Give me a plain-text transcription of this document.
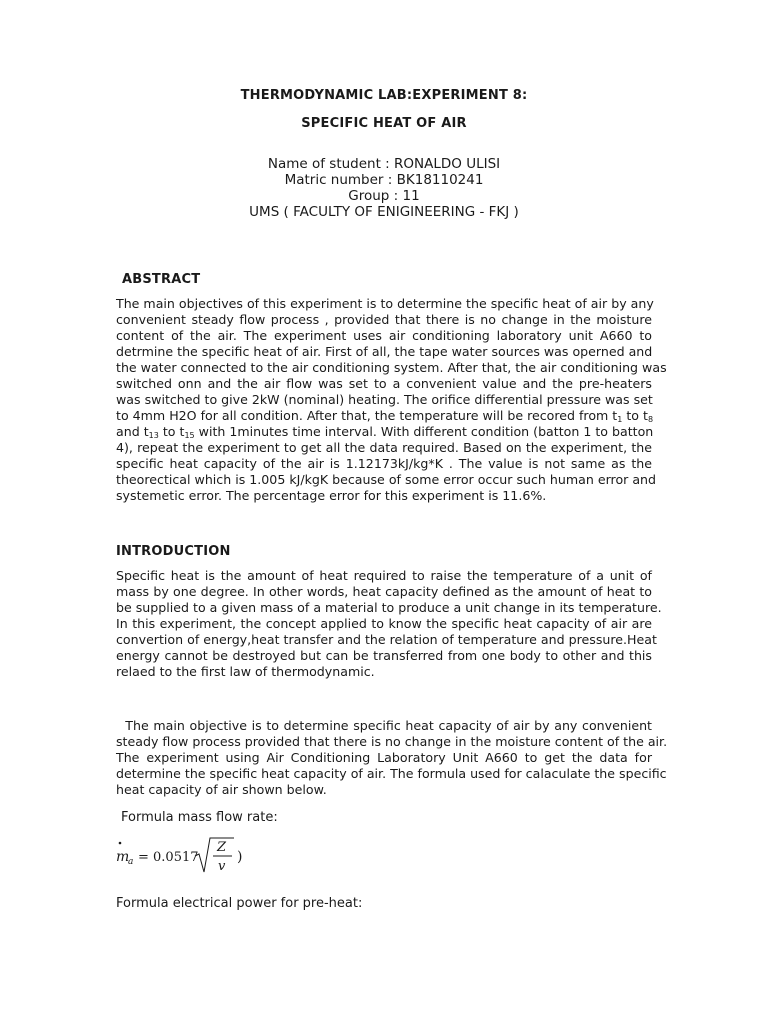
THERMODYNAMIC LAB:EXPERIMENT 8:
SPECIFIC HEAT OF AIR
Name of student : RONALDO ULISI
Matric number : BK18110241
Group : 11
UMS ( FACULTY OF ENIGINEERING - FKJ )
ABSTRACT
The main objectives of this experiment is to determine the specific heat of air by any
convenient steady flow process , provided that there is no change in the moisture
content of the air. The experiment uses air conditioning laboratory unit A660 to
detrmine the specific heat of air. First of all, the tape water sources was operned and
the water connected to the air conditioning system. After that, the air conditioning was
switched onn and the air flow was set to a convenient value and the pre-heaters
was switched to give 2kW (nominal) heating. The orifice differential pressure was set
to 4mm H2O for all condition. After that, the temperature will be recored from $t_1$ to $t_8$
and $t_{13}$ to $t_{15}$ with 1minutes time interval. With different condition (batton 1 to batton
4), repeat the experiment to get all the data required. Based on the experiment, the
specific heat capacity of the air is 1.12173kJ/kg*K . The value is not same as the
theorectical which is 1.005 kJ/kgK because of some error occur such human error and
systemetic error. The percentage error for this experiment is 11.6%.
INTRODUCTION
Specific heat is the amount of heat required to raise the temperature of a unit of
mass by one degree. In other words, heat capacity defined as the amount of heat to
be supplied to a given mass of a material to produce a unit change in its temperature.
In this experiment, the concept applied to know the specific heat capacity of air are
convertion of energy,heat transfer and the relation of temperature and pressure.Heat
energy cannot be destroyed but can be transferred from one body to other and this
relaed to the first law of thermodynamic.
The main objective is to determine specific heat capacity of air by any convenient
steady flow process provided that there is no change in the moisture content of the air.
The experiment using Air Conditioning Laboratory Unit A660 to get the data for
determine the specific heat capacity of air. The formula used for calaculate the specific
heat capacity of air shown below.
Formula mass flow rate:
m
a = 0.0517
Z
v
)
Formula electrical power for pre-heat:
